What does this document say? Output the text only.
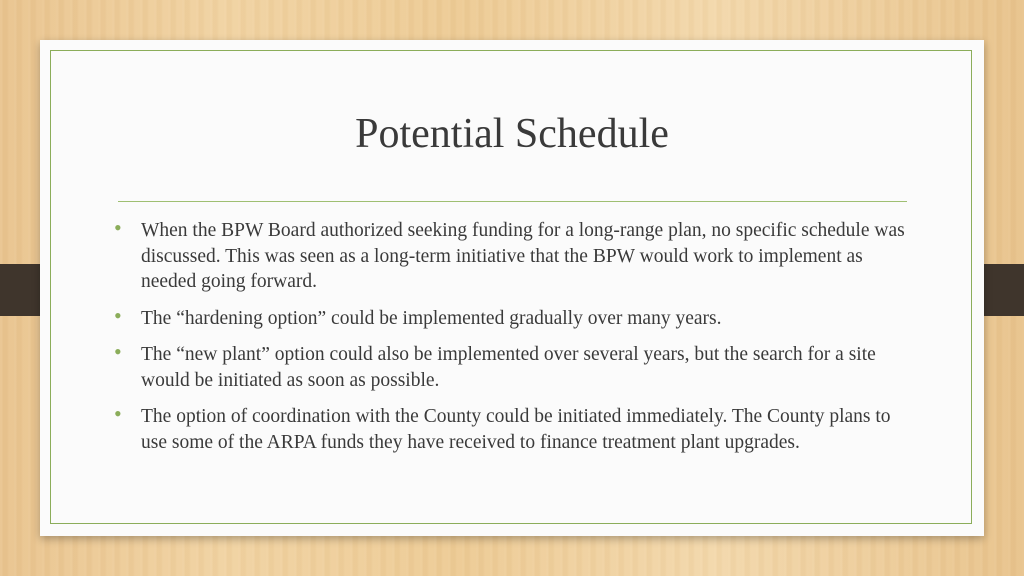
Potential Schedule
• When the BPW Board authorized seeking funding for a long-range plan, no specific schedule was discussed. This was seen as a long-term initiative that the BPW would work to implement as needed going forward.
• The “hardening option” could be implemented gradually over many years.
• The “new plant” option could also be implemented over several years, but the search for a site would be initiated as soon as possible.
• The option of coordination with the County could be initiated immediately. The County plans to use some of the ARPA funds they have received to finance treatment plant upgrades.
